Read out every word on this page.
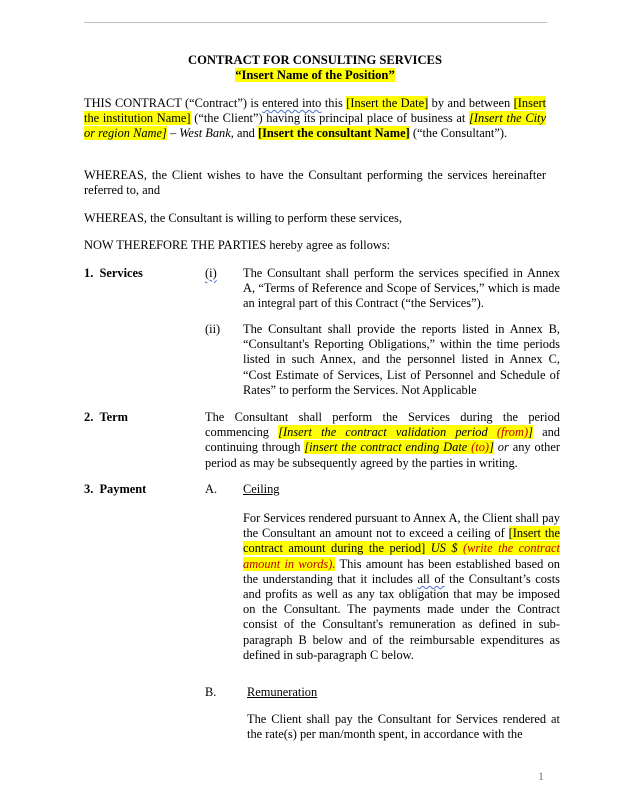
CONTRACT FOR CONSULTING SERVICES
“Insert Name of the Position”

THIS CONTRACT (“Contract”) is entered into this [Insert the Date] by and between [Insert the institution Name] (“the Client”) having its principal place of business at [Insert the City or region Name] – West Bank, and [Insert the consultant Name] (“the Consultant”).

WHEREAS, the Client wishes to have the Consultant performing the services hereinafter referred to, and

WHEREAS, the Consultant is willing to perform these services,

NOW THEREFORE THE PARTIES hereby agree as follows:

1.  Services	(i) The Consultant shall perform the services specified in Annex A, “Terms of Reference and Scope of Services,” which is made an integral part of this Contract (“the Services”).

(ii) The Consultant shall provide the reports listed in Annex B, “Consultant's Reporting Obligations,” within the time periods listed in such Annex, and the personnel listed in Annex C, “Cost Estimate of Services, List of Personnel and Schedule of Rates” to perform the Services. Not Applicable

2.  Term	The Consultant shall perform the Services during the period commencing [Insert the contract validation period (from)] and continuing through [insert the contract ending Date (to)] or any other period as may be subsequently agreed by the parties in writing.

3.  Payment	A. Ceiling

For Services rendered pursuant to Annex A, the Client shall pay the Consultant an amount not to exceed a ceiling of [Insert the contract amount during the period] US $ (write the contract amount in words). This amount has been established based on the understanding that it includes all of the Consultant’s costs and profits as well as any tax obligation that may be imposed on the Consultant. The payments made under the Contract consist of the Consultant's remuneration as defined in sub-paragraph B below and of the reimbursable expenditures as defined in sub-paragraph C below.

B. Remuneration

The Client shall pay the Consultant for Services rendered at the rate(s) per man/month spent, in accordance with the

1
